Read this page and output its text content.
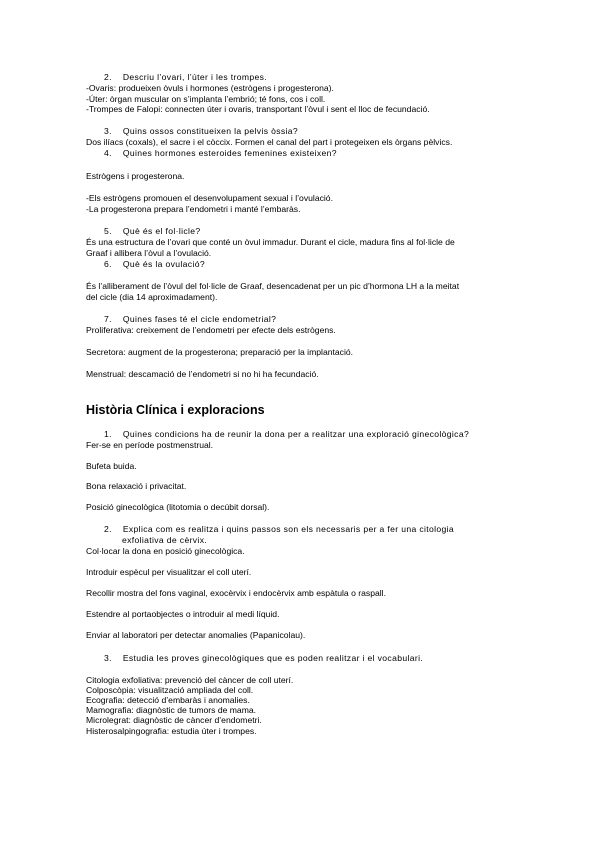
2. Descriu l’ovari, l’úter i les trompes.
-Ovaris: produeixen òvuls i hormones (estrògens i progesterona).
-Úter: òrgan muscular on s’implanta l’embrió; té fons, cos i coll.
-Trompes de Falopi: connecten úter i ovaris, transportant l’òvul i sent el lloc de fecundació.
3. Quins ossos constitueixen la pelvis òssia?
Dos ilíacs (coxals), el sacre i el còccix. Formen el canal del part i protegeixen els òrgans pèlvics.
4. Quines hormones esteroides femenines existeixen?
Estrògens i progesterona.
-Els estrògens promouen el desenvolupament sexual i l’ovulació.
-La progesterona prepara l’endometri i manté l’embaràs.
5. Què és el fol·licle?
És una estructura de l’ovari que conté un òvul immadur. Durant el cicle, madura fins al fol·licle de
Graaf i allibera l’òvul a l’ovulació.
6. Què és la ovulació?
És l’alliberament de l’òvul del fol·licle de Graaf, desencadenat per un pic d’hormona LH a la meitat
del cicle (dia 14 aproximadament).
7. Quines fases té el cicle endometrial?
Proliferativa: creixement de l’endometri per efecte dels estrògens.
Secretora: augment de la progesterona; preparació per la implantació.
Menstrual: descamació de l’endometri si no hi ha fecundació.
Història Clínica i exploracions
1. Quines condicions ha de reunir la dona per a realitzar una exploració ginecològica?
Fer-se en període postmenstrual.
Bufeta buida.
Bona relaxació i privacitat.
Posició ginecològica (litotomia o decúbit dorsal).
2. Explica com es realitza i quins passos son els necessaris per a fer una citologia
exfoliativa de cèrvix.
Col·locar la dona en posició ginecològica.
Introduir espècul per visualitzar el coll uterí.
Recollir mostra del fons vaginal, exocèrvix i endocèrvix amb espàtula o raspall.
Estendre al portaobjectes o introduir al medi líquid.
Enviar al laboratori per detectar anomalies (Papanicolau).
3. Estudia les proves ginecològiques que es poden realitzar i el vocabulari.
Citologia exfoliativa: prevenció del càncer de coll uterí.
Colposcòpia: visualització ampliada del coll.
Ecografia: detecció d’embaràs i anomalies.
Mamografia: diagnòstic de tumors de mama.
Microlegrat: diagnòstic de càncer d’endometri.
Histerosalpingografia: estudia úter i trompes.
